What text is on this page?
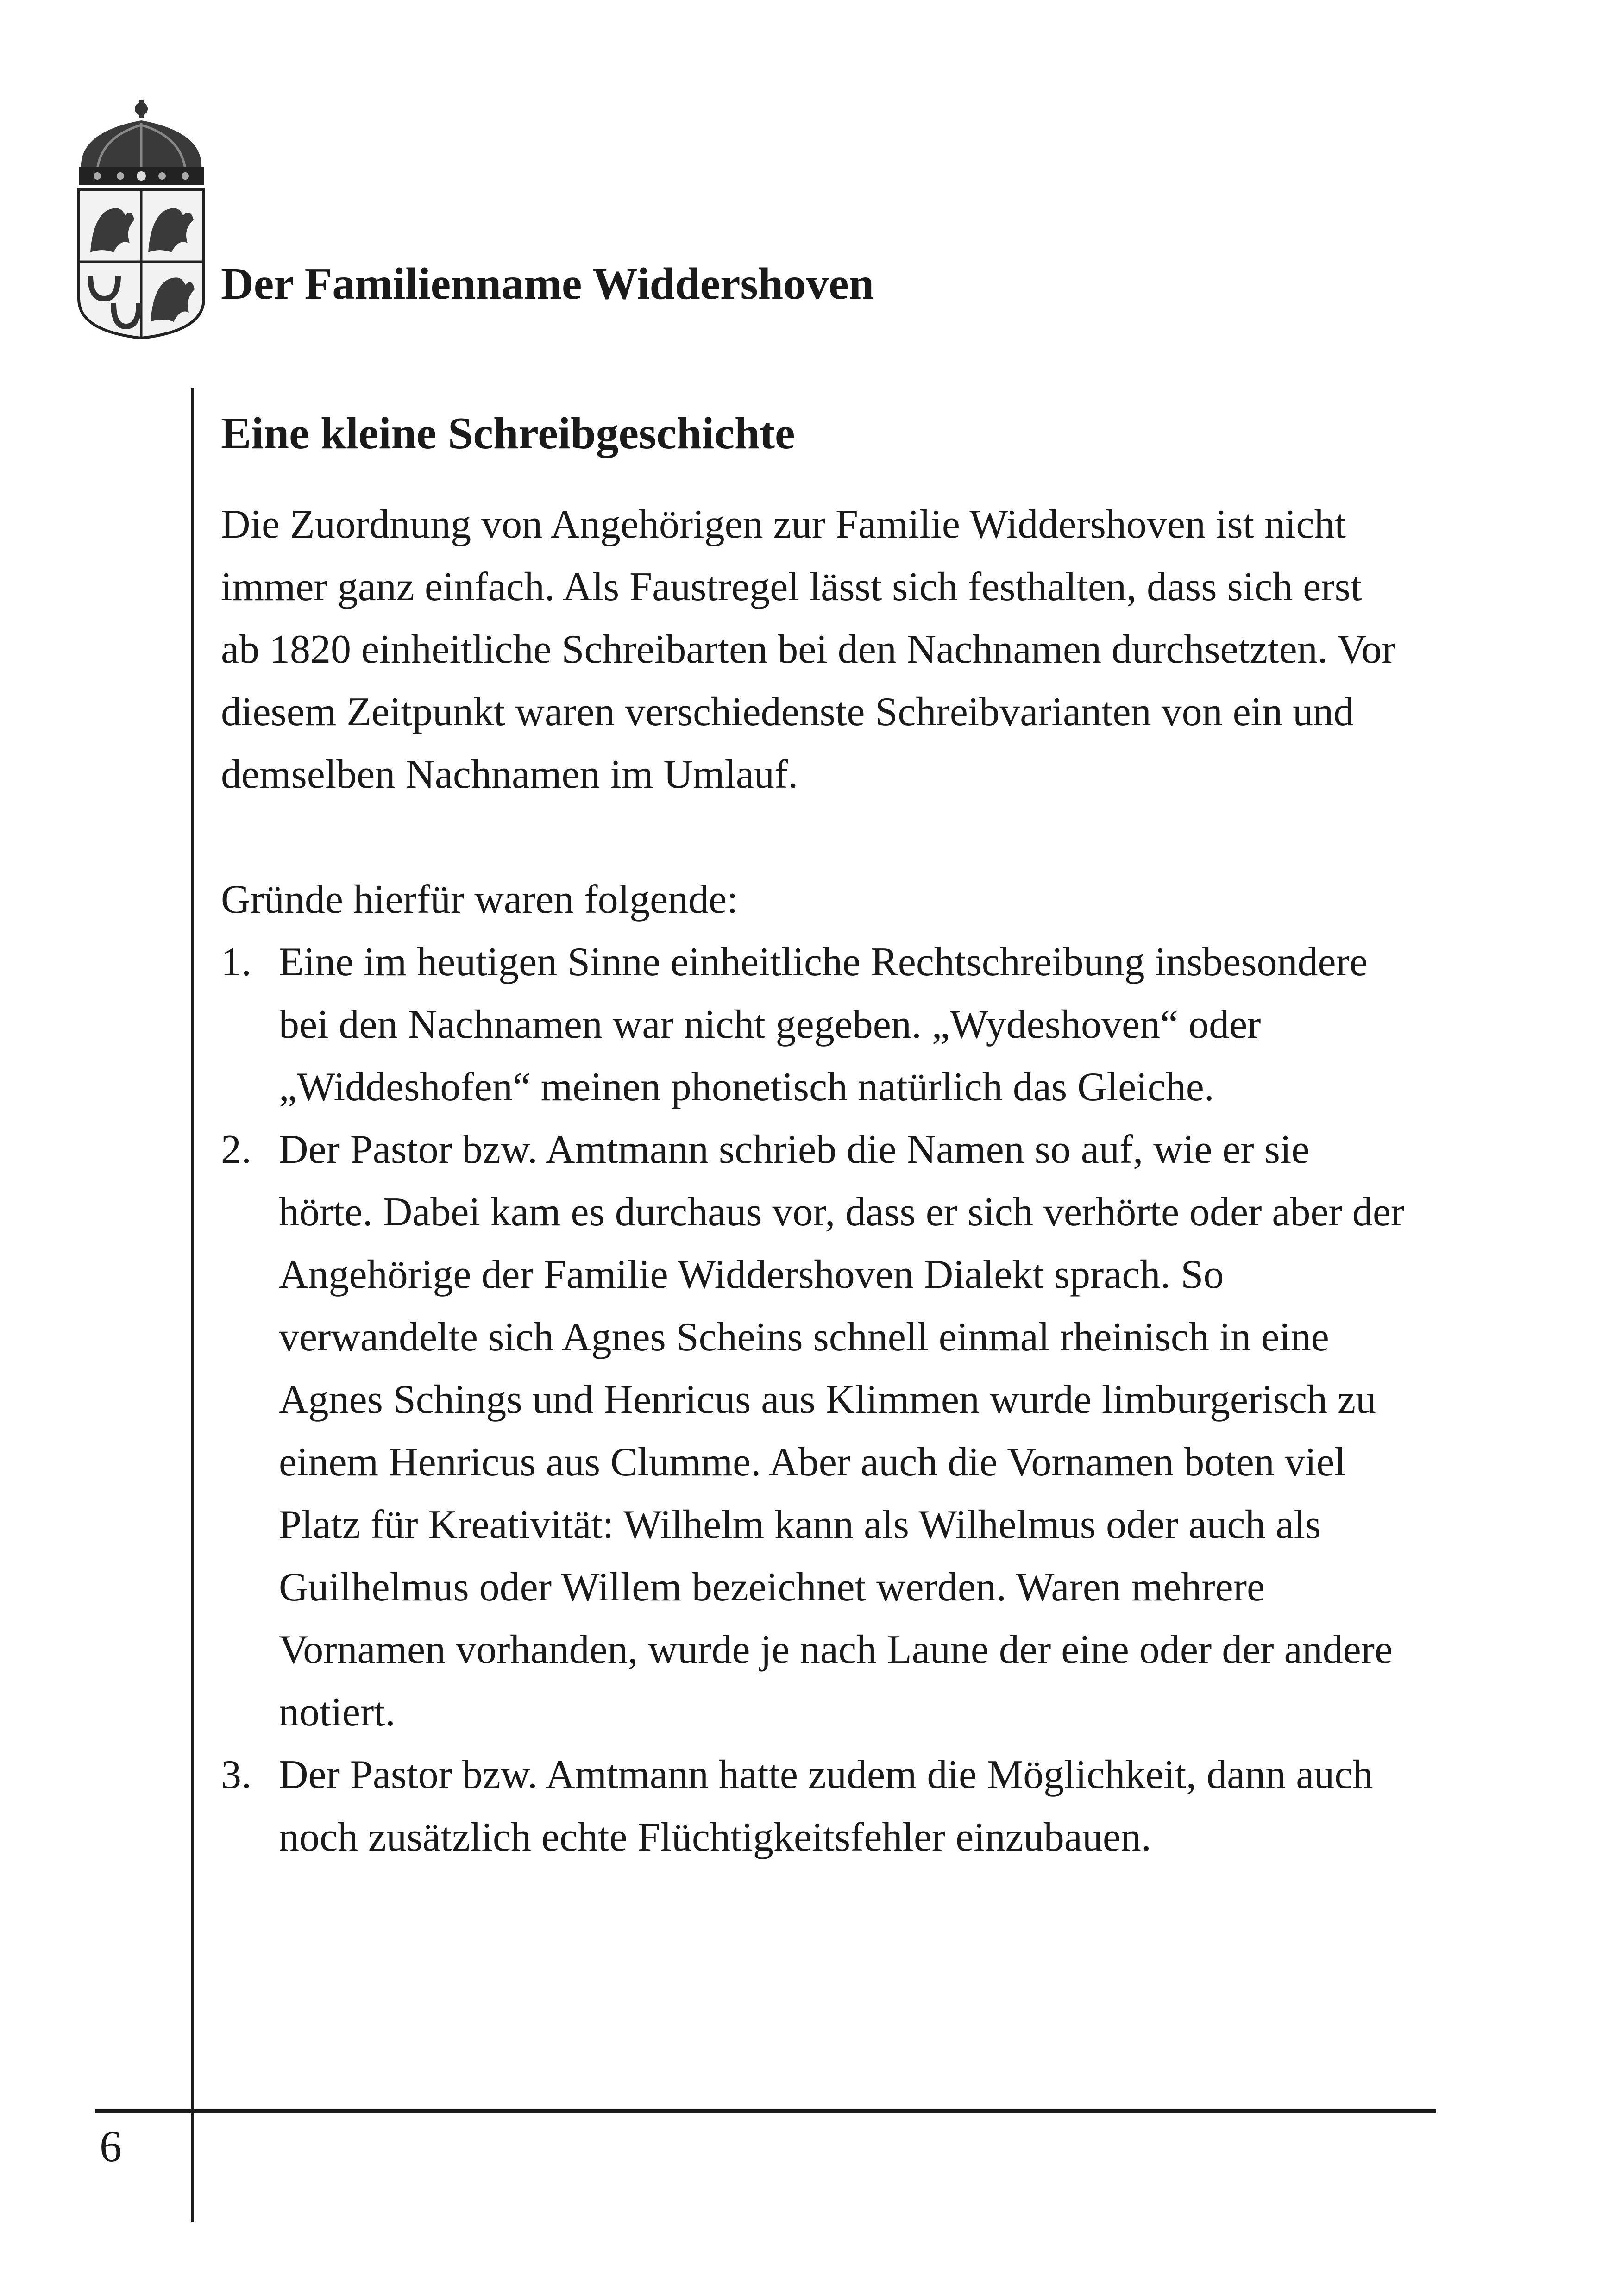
Der Familienname Widdershoven
Eine kleine Schreibgeschichte

Die Zuordnung von Angehörigen zur Familie Widdershoven ist nicht immer ganz einfach. Als Faustregel lässt sich festhalten, dass sich erst ab 1820 einheitliche Schreibarten bei den Nachnamen durchsetzten. Vor diesem Zeitpunkt waren verschiedenste Schreibvarianten von ein und demselben Nachnamen im Umlauf.

Gründe hierfür waren folgende:

1. Eine im heutigen Sinne einheitliche Rechtschreibung insbesondere bei den Nachnamen war nicht gegeben. „Wydeshoven“ oder „Widdeshofen“ meinen phonetisch natürlich das Gleiche.
2. Der Pastor bzw. Amtmann schrieb die Namen so auf, wie er sie hörte. Dabei kam es durchaus vor, dass er sich verhörte oder aber der Angehörige der Familie Widdershoven Dialekt sprach. So verwandelte sich Agnes Scheins schnell einmal rheinisch in eine Agnes Schings und Henricus aus Klimmen wurde limburgerisch zu einem Henricus aus Clumme. Aber auch die Vornamen boten viel Platz für Kreativität: Wilhelm kann als Wilhelmus oder auch als Guilhelmus oder Willem bezeichnet werden. Waren mehrere Vornamen vorhanden, wurde je nach Laune der eine oder der andere notiert.
3. Der Pastor bzw. Amtmann hatte zudem die Möglichkeit, dann auch noch zusätzlich echte Flüchtigkeitsfehler einzubauen.
6
